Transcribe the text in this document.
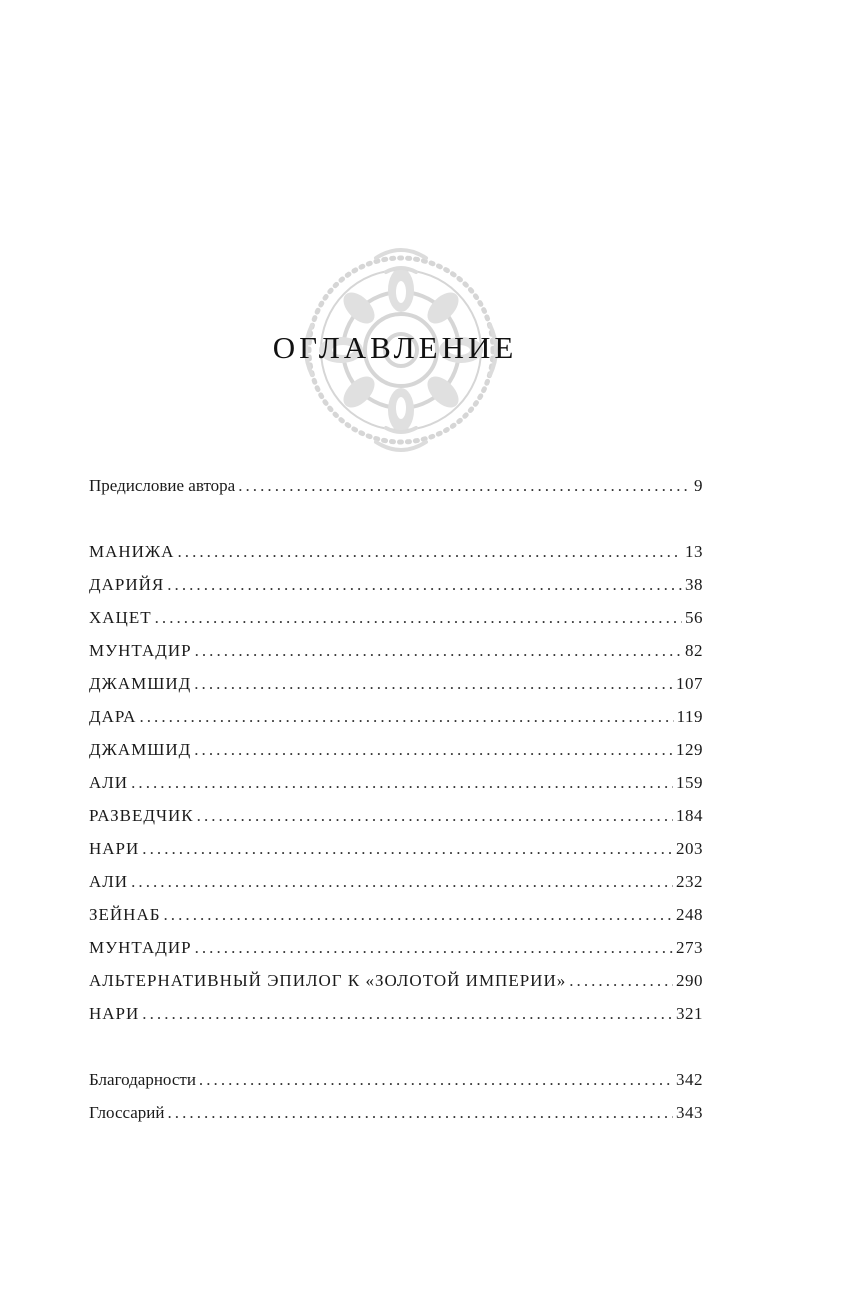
ОГЛАВЛЕНИЕ
Предисловие автора . . .	9
МАНИЖА . . .	13
ДАРИЙЯ . . .	38
ХАЦЕТ . . .	56
МУНТАДИР . . .	82
ДЖАМШИД . . .	107
ДАРА . . .	119
ДЖАМШИД . . .	129
АЛИ . . .	159
РАЗВЕДЧИК . . .	184
НАРИ . . .	203
АЛИ . . .	232
ЗЕЙНАБ . . .	248
МУНТАДИР . . .	273
АЛЬТЕРНАТИВНЫЙ ЭПИЛОГ К «ЗОЛОТОЙ ИМПЕРИИ» . . .	290
НАРИ . . .	321
Благодарности . . .	342
Глоссарий . . .	343
